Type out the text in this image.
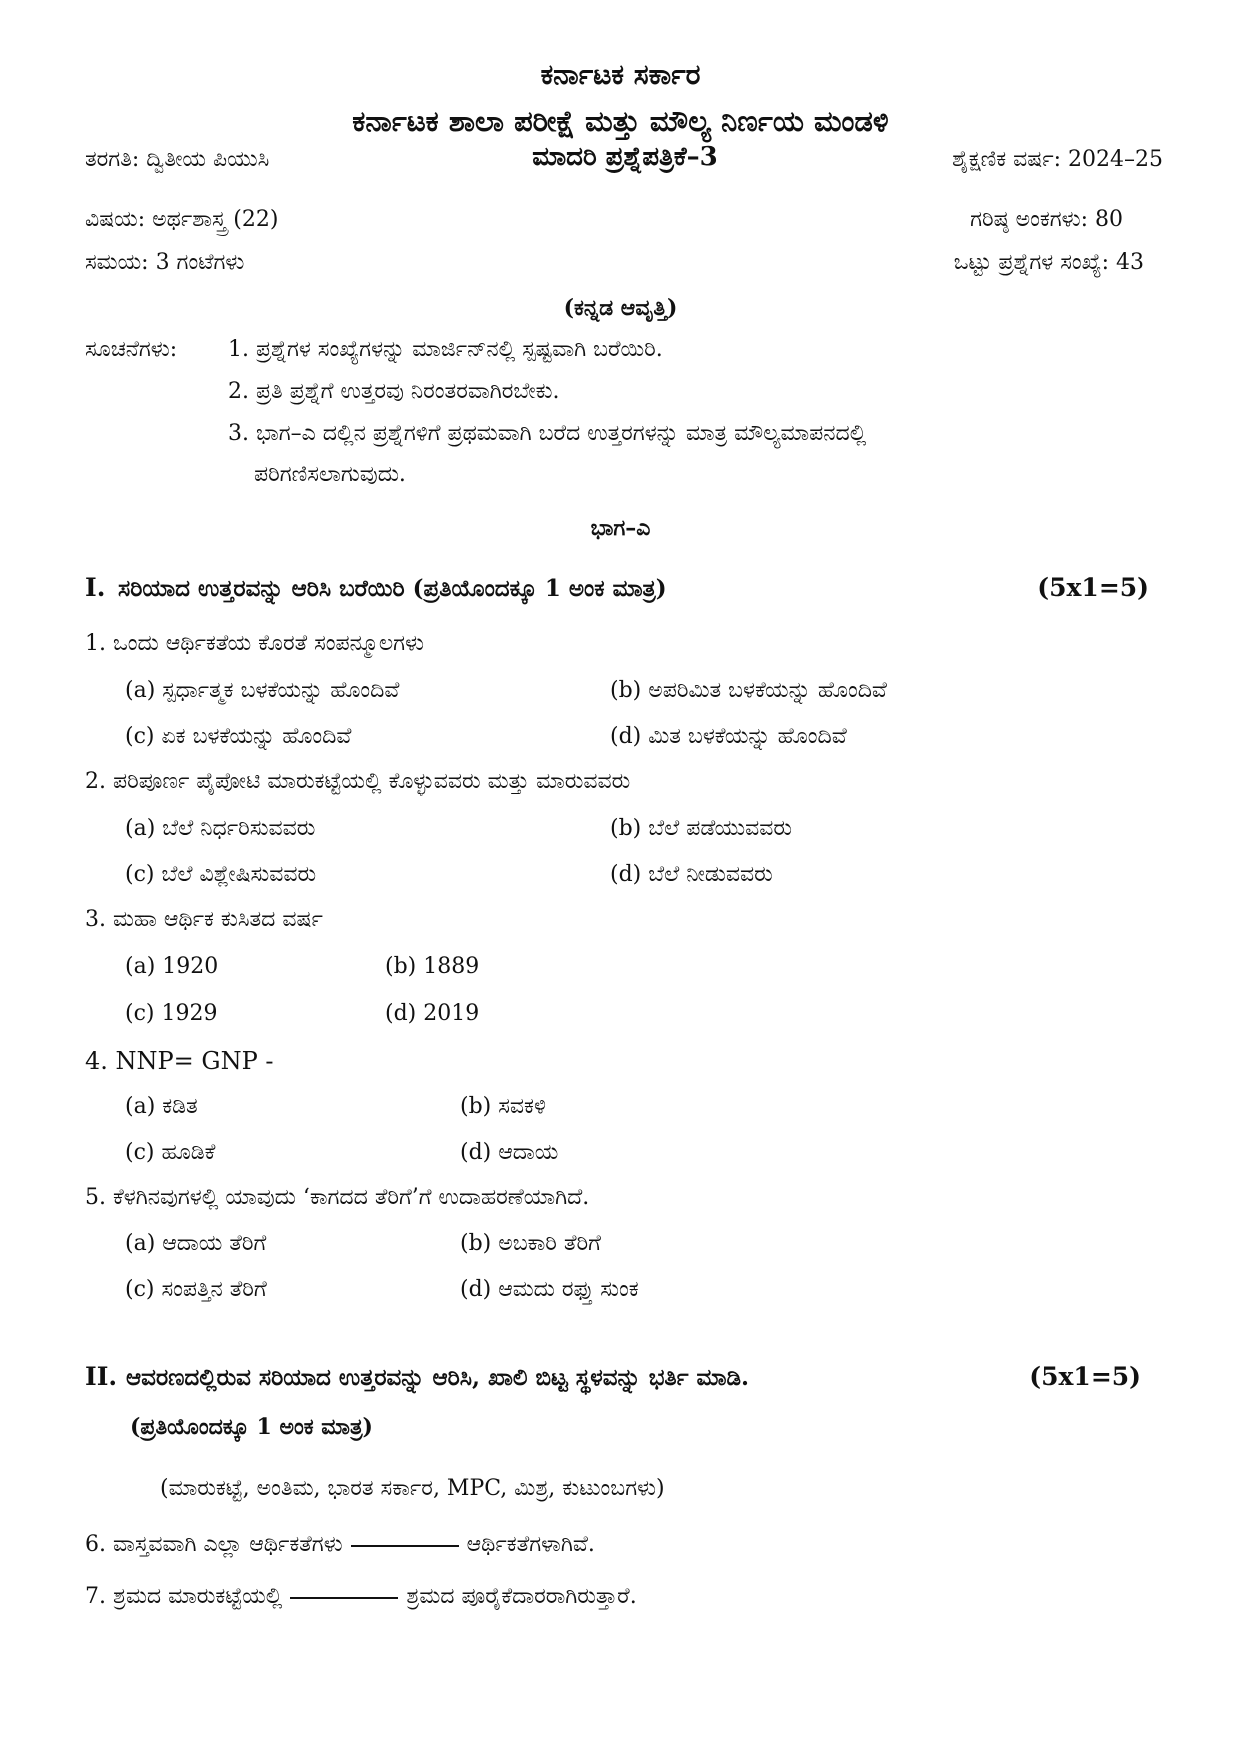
ಕರ್ನಾಟಕ ಸರ್ಕಾರ
ಕರ್ನಾಟಕ ಶಾಲಾ ಪರೀಕ್ಷೆ ಮತ್ತು ಮೌಲ್ಯ ನಿರ್ಣಯ ಮಂಡಳಿ
ತರಗತಿ: ದ್ವಿತೀಯ ಪಿಯುಸಿ	ಮಾದರಿ ಪ್ರಶ್ನೆಪತ್ರಿಕೆ–3	ಶೈಕ್ಷಣಿಕ ವರ್ಷ: 2024–25
ವಿಷಯ: ಅರ್ಥಶಾಸ್ತ್ರ (22)	ಗರಿಷ್ಠ ಅಂಕಗಳು: 80
ಸಮಯ: 3 ಗಂಟೆಗಳು	ಒಟ್ಟು ಪ್ರಶ್ನೆಗಳ ಸಂಖ್ಯೆ: 43
(ಕನ್ನಡ ಆವೃತ್ತಿ)
ಸೂಚನೆಗಳು: 1. ಪ್ರಶ್ನೆಗಳ ಸಂಖ್ಯೆಗಳನ್ನು ಮಾರ್ಜಿನ್‌ನಲ್ಲಿ ಸ್ಪಷ್ಟವಾಗಿ ಬರೆಯಿರಿ.
2. ಪ್ರತಿ ಪ್ರಶ್ನೆಗೆ ಉತ್ತರವು ನಿರಂತರವಾಗಿರಬೇಕು.
3. ಭಾಗ–ಎ ದಲ್ಲಿನ ಪ್ರಶ್ನೆಗಳಿಗೆ ಪ್ರಥಮವಾಗಿ ಬರೆದ ಉತ್ತರಗಳನ್ನು ಮಾತ್ರ ಮೌಲ್ಯಮಾಪನದಲ್ಲಿ
ಪರಿಗಣಿಸಲಾಗುವುದು.
ಭಾಗ–ಎ
I. ಸರಿಯಾದ ಉತ್ತರವನ್ನು ಆರಿಸಿ ಬರೆಯಿರಿ (ಪ್ರತಿಯೊಂದಕ್ಕೂ 1 ಅಂಕ ಮಾತ್ರ)	(5x1=5)
1. ಒಂದು ಆರ್ಥಿಕತೆಯ ಕೊರತೆ ಸಂಪನ್ಮೂಲಗಳು
(a) ಸ್ಪರ್ಧಾತ್ಮಕ ಬಳಕೆಯನ್ನು ಹೊಂದಿವೆ	(b) ಅಪರಿಮಿತ ಬಳಕೆಯನ್ನು ಹೊಂದಿವೆ
(c) ಏಕ ಬಳಕೆಯನ್ನು ಹೊಂದಿವೆ	(d) ಮಿತ ಬಳಕೆಯನ್ನು ಹೊಂದಿವೆ
2. ಪರಿಪೂರ್ಣ ಪೈಪೋಟಿ ಮಾರುಕಟ್ಟೆಯಲ್ಲಿ ಕೊಳ್ಳುವವರು ಮತ್ತು ಮಾರುವವರು
(a) ಬೆಲೆ ನಿರ್ಧರಿಸುವವರು	(b) ಬೆಲೆ ಪಡೆಯುವವರು
(c) ಬೆಲೆ ವಿಶ್ಲೇಷಿಸುವವರು	(d) ಬೆಲೆ ನೀಡುವವರು
3. ಮಹಾ ಆರ್ಥಿಕ ಕುಸಿತದ ವರ್ಷ
(a) 1920	(b) 1889
(c) 1929	(d) 2019
4. NNP= GNP -
(a) ಕಡಿತ	(b) ಸವಕಳಿ
(c) ಹೂಡಿಕೆ	(d) ಆದಾಯ
5. ಕೆಳಗಿನವುಗಳಲ್ಲಿ ಯಾವುದು ‘ಕಾಗದದ ತೆರಿಗೆ’ಗೆ ಉದಾಹರಣೆಯಾಗಿದೆ.
(a) ಆದಾಯ ತೆರಿಗೆ	(b) ಅಬಕಾರಿ ತೆರಿಗೆ
(c) ಸಂಪತ್ತಿನ ತೆರಿಗೆ	(d) ಆಮದು ರಫ್ತು ಸುಂಕ
II. ಆವರಣದಲ್ಲಿರುವ ಸರಿಯಾದ ಉತ್ತರವನ್ನು ಆರಿಸಿ, ಖಾಲಿ ಬಿಟ್ಟ ಸ್ಥಳವನ್ನು ಭರ್ತಿ ಮಾಡಿ.	(5x1=5)
(ಪ್ರತಿಯೊಂದಕ್ಕೂ 1 ಅಂಕ ಮಾತ್ರ)
(ಮಾರುಕಟ್ಟೆ, ಅಂತಿಮ, ಭಾರತ ಸರ್ಕಾರ, MPC, ಮಿಶ್ರ, ಕುಟುಂಬಗಳು)
6. ವಾಸ್ತವವಾಗಿ ಎಲ್ಲಾ ಆರ್ಥಿಕತೆಗಳು	ಆರ್ಥಿಕತೆಗಳಾಗಿವೆ.
7. ಶ್ರಮದ ಮಾರುಕಟ್ಟೆಯಲ್ಲಿ	ಶ್ರಮದ ಪೂರೈಕೆದಾರರಾಗಿರುತ್ತಾರೆ.
